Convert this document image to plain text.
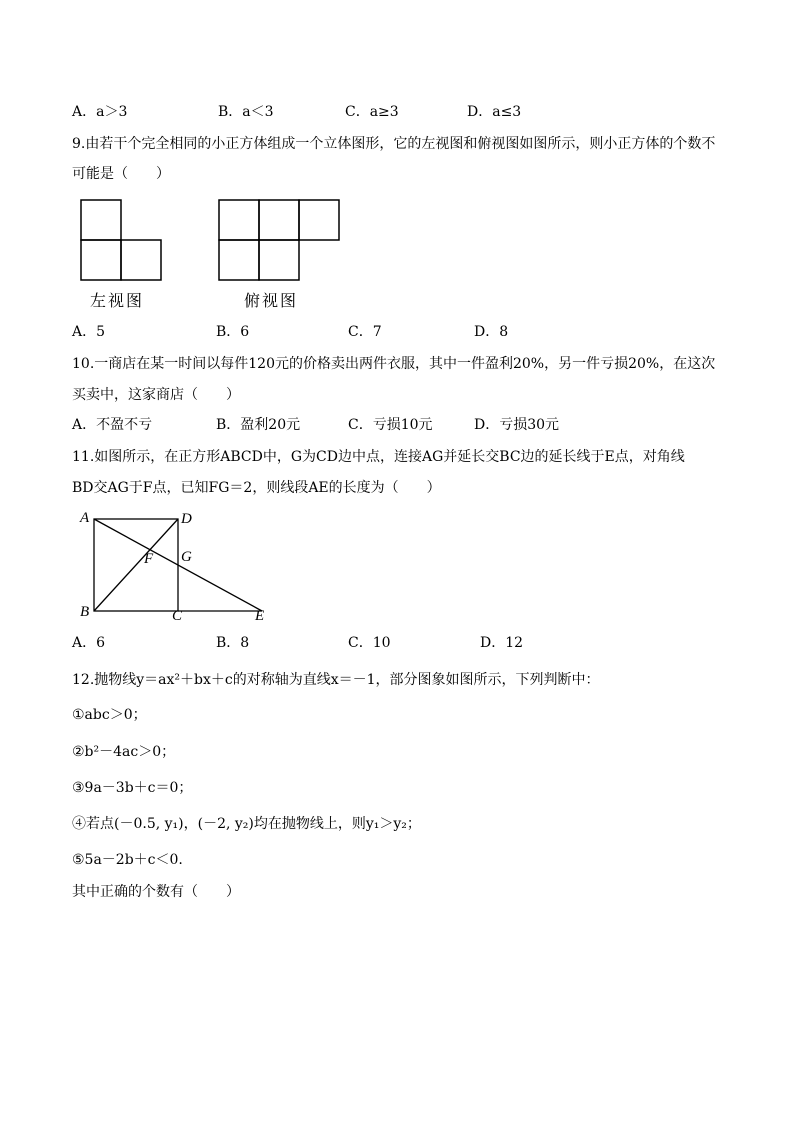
A．a＞3	B．a＜3	C．a≥3	D．a≤3
9.由若干个完全相同的小正方体组成一个立体图形，它的左视图和俯视图如图所示，则小正方体的个数不
可能是（　　）
左视图	俯视图
A．5	B．6	C．7	D．8
10.一商店在某一时间以每件120元的价格卖出两件衣服，其中一件盈利20%，另一件亏损20%，在这次
买卖中，这家商店（　　）
A．不盈不亏	B．盈利20元	C．亏损10元	D．亏损30元
11.如图所示，在正方形ABCD中，G为CD边中点，连接AG并延长交BC边的延长线于E点，对角线
BD交AG于F点，已知FG＝2，则线段AE的长度为（　　）
A	D
F G
B	C	E
A．6	B．8	C．10	D．12
12.抛物线y＝ax²＋bx＋c的对称轴为直线x＝－1，部分图象如图所示，下列判断中：
①abc＞0；
②b²－4ac＞0；
③9a－3b＋c＝0；
④若点(－0.5, y₁)，(－2, y₂)均在抛物线上，则y₁＞y₂；
⑤5a－2b＋c＜0.
其中正确的个数有（　　）
